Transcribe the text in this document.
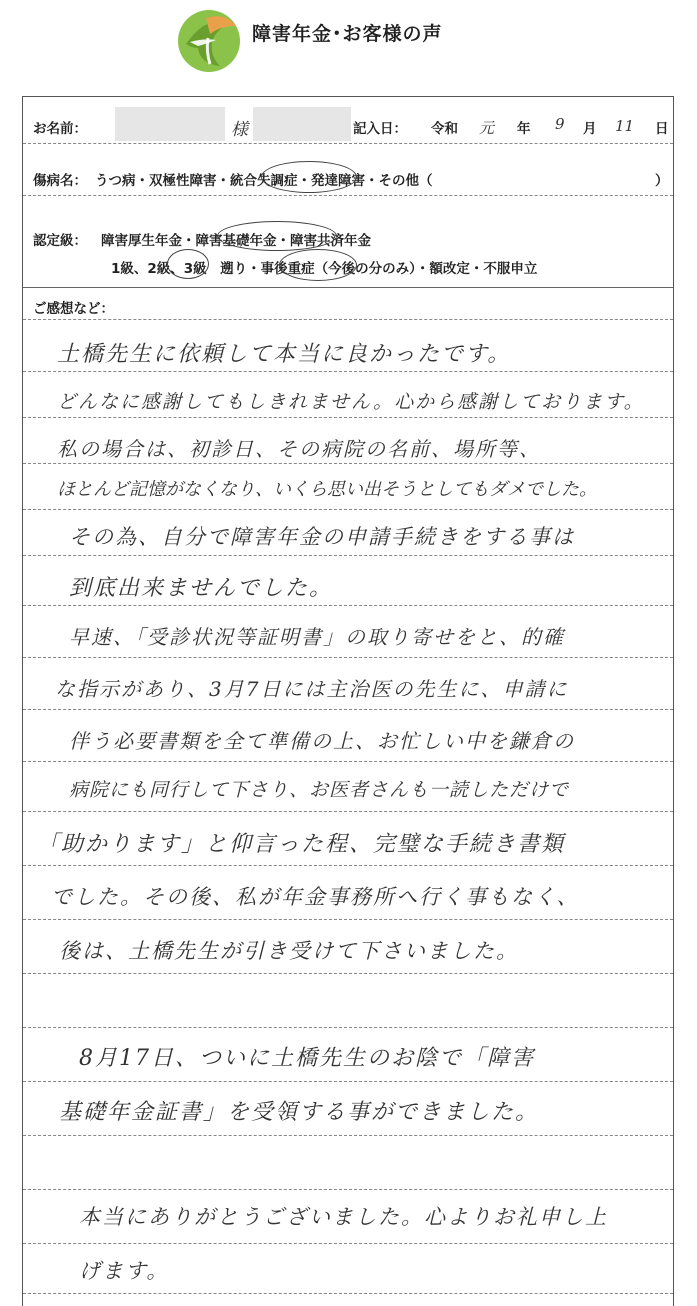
障害年金･お客様の声
お名前：	様	記入日： 令和 元 年 9 月 11 日
傷病名： うつ病・双極性障害・統合失調症・発達障害・その他（	）
認定級： 障害厚生年金・障害基礎年金・障害共済年金
1級、2級、3級　遡り・事後重症（今後の分のみ）・額改定・不服申立
ご感想など：
土橋先生に依頼して本当に良かったです。
どんなに感謝してもしきれません。心から感謝しております。
私の場合は、初診日、その病院の名前、場所等、
ほとんど記憶がなくなり、いくら思い出そうとしてもダメでした。
その為、自分で障害年金の申請手続きをする事は
到底出来ませんでした。
早速、「受診状況等証明書」の取り寄せをと、的確
な指示があり、3月7日には主治医の先生に、申請に
伴う必要書類を全て準備の上、お忙しい中を鎌倉の
病院にも同行して下さり、お医者さんも一読しただけで
「助かります」と仰言った程、完璧な手続き書類
でした。その後、私が年金事務所へ行く事もなく、
後は、土橋先生が引き受けて下さいました。
8月17日、ついに土橋先生のお陰で「障害
基礎年金証書」を受領する事ができました。
本当にありがとうございました。心よりお礼申し上
げます。
